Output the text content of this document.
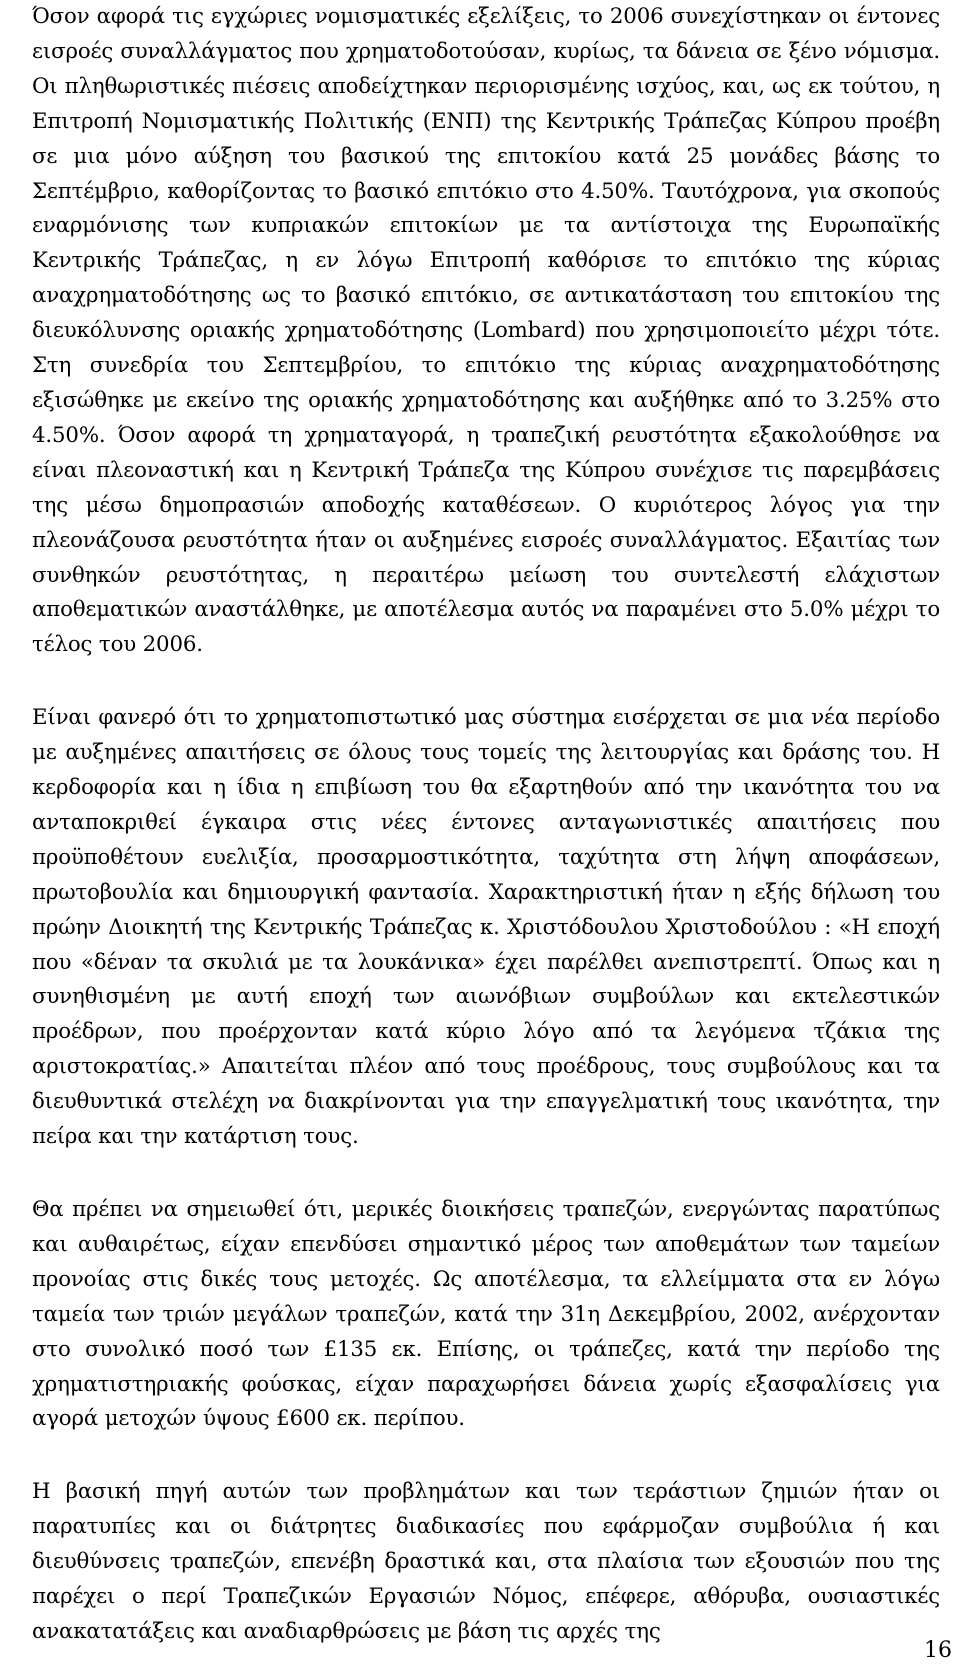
Όσον αφορά τις εγχώριες νομισματικές εξελίξεις, το 2006 συνεχίστηκαν οι έντονες εισροές συναλλάγματος που χρηματοδοτούσαν, κυρίως, τα δάνεια σε ξένο νόμισμα. Οι πληθωριστικές πιέσεις αποδείχτηκαν περιορισμένης ισχύος, και, ως εκ τούτου, η Επιτροπή Νομισματικής Πολιτικής (ΕΝΠ) της Κεντρικής Τράπεζας Κύπρου προέβη σε μια μόνο αύξηση του βασικού της επιτοκίου κατά 25 μονάδες βάσης το Σεπτέμβριο, καθορίζοντας το βασικό επιτόκιο στο 4.50%. Ταυτόχρονα, για σκοπούς εναρμόνισης των κυπριακών επιτοκίων με τα αντίστοιχα της Ευρωπαϊκής Κεντρικής Τράπεζας, η εν λόγω Επιτροπή καθόρισε το επιτόκιο της κύριας αναχρηματοδότησης ως το βασικό επιτόκιο, σε αντικατάσταση του επιτοκίου της διευκόλυνσης οριακής χρηματοδότησης (Lombard) που χρησιμοποιείτο μέχρι τότε. Στη συνεδρία του Σεπτεμβρίου, το επιτόκιο της κύριας αναχρηματοδότησης εξισώθηκε με εκείνο της οριακής χρηματοδότησης και αυξήθηκε από το 3.25% στο 4.50%. Όσον αφορά τη χρηματαγορά, η τραπεζική ρευστότητα εξακολούθησε να είναι πλεοναστική και η Κεντρική Τράπεζα της Κύπρου συνέχισε τις παρεμβάσεις της μέσω δημοπρασιών αποδοχής καταθέσεων. Ο κυριότερος λόγος για την πλεονάζουσα ρευστότητα ήταν οι αυξημένες εισροές συναλλάγματος. Εξαιτίας των συνθηκών ρευστότητας, η περαιτέρω μείωση του συντελεστή ελάχιστων αποθεματικών αναστάλθηκε, με αποτέλεσμα αυτός να παραμένει στο 5.0% μέχρι το τέλος του 2006.

Είναι φανερό ότι το χρηματοπιστωτικό μας σύστημα εισέρχεται σε μια νέα περίοδο με αυξημένες απαιτήσεις σε όλους τους τομείς της λειτουργίας και δράσης του. Η κερδοφορία και η ίδια η επιβίωση του θα εξαρτηθούν από την ικανότητα του να ανταποκριθεί έγκαιρα στις νέες έντονες ανταγωνιστικές απαιτήσεις που προϋποθέτουν ευελιξία, προσαρμοστικότητα, ταχύτητα στη λήψη αποφάσεων, πρωτοβουλία και δημιουργική φαντασία. Χαρακτηριστική ήταν η εξής δήλωση του πρώην Διοικητή της Κεντρικής Τράπεζας κ. Χριστόδουλου Χριστοδούλου : «Η εποχή που «δέναν τα σκυλιά με τα λουκάνικα» έχει παρέλθει ανεπιστρεπτί. Όπως και η συνηθισμένη με αυτή εποχή των αιωνόβιων συμβούλων και εκτελεστικών προέδρων, που προέρχονταν κατά κύριο λόγο από τα λεγόμενα τζάκια της αριστοκρατίας.» Απαιτείται πλέον από τους προέδρους, τους συμβούλους και τα διευθυντικά στελέχη να διακρίνονται για την επαγγελματική τους ικανότητα, την πείρα και την κατάρτιση τους.

Θα πρέπει να σημειωθεί ότι, μερικές διοικήσεις τραπεζών, ενεργώντας παρατύπως και αυθαιρέτως, είχαν επενδύσει σημαντικό μέρος των αποθεμάτων των ταμείων προνοίας στις δικές τους μετοχές. Ως αποτέλεσμα, τα ελλείμματα στα εν λόγω ταμεία των τριών μεγάλων τραπεζών, κατά την 31η Δεκεμβρίου, 2002, ανέρχονταν στο συνολικό ποσό των £135 εκ. Επίσης, οι τράπεζες, κατά την περίοδο της χρηματιστηριακής φούσκας, είχαν παραχωρήσει δάνεια χωρίς εξασφαλίσεις για αγορά μετοχών ύψους £600 εκ. περίπου.

Η βασική πηγή αυτών των προβλημάτων και των τεράστιων ζημιών ήταν οι παρατυπίες και οι διάτρητες διαδικασίες που εφάρμοζαν συμβούλια ή και διευθύνσεις τραπεζών, επενέβη δραστικά και, στα πλαίσια των εξουσιών που της παρέχει ο περί Τραπεζικών Εργασιών Νόμος, επέφερε, αθόρυβα, ουσιαστικές ανακατατάξεις και αναδιαρθρώσεις με βάση τις αρχές της

16
